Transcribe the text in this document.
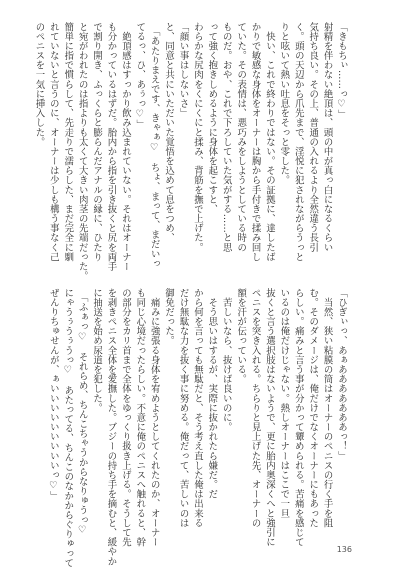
「きもちぃ……っ♡」
射精を伴わない絶頂は、頭の中が真っ白になるくらい
気持ち良い。その上、普通の入れるより全然違う長引
く。頭の天辺から爪先まで、淫悦に犯されながらうっと
りと呟いて熱い吐息をそっと零した。
　快い、これで終わりではない。その証拠に、達したば
かりで敏感な身体をオーナーは胸から手付きで揉み回し
ていた。その表情は、悪巧みをしようとしている時の
ものだ。おや、これで下ろしていた気がする……と思
って強く抱きしめるように身体を起こすと、
わらかな尻肉をくにくにと揉み、背筋を撫で上げた。
「顔い事はしないさ」
と、同意と共にいただいた覚悟を込めて息をつめ、
　「あたりまえです、きゃぁ♡　ちょ、まって、まだいっ
てるっ、ひ、あぅっ♡」
　絶頂感はすっかり飲み込まれていない。それはオーナー
も分かっているはずだ。胎内から指を引き抜くと尻を両手
で割り開き、ふっくらと膨らんだアナルの縁に、ひたり
と宛がわれたのは指よりも太くて大きい肉茎の先端だった。
簡単に指で慣らして、先走りで濡らした、まだ完全に馴
れていないと言うのに、オーナーは少しも構う事なく己
のペニスを一気に挿入した。
「ひぎぃっ、あぁあああああああっ！」
　当然、狭い粘膜の筒はオーナーのペニスの行く手を阻
む。そのダメージは、俺だけでなくオーナーにもあった
らしい。痛みと言う事が分かって顰められる。苦痛を感じて
いるのは俺だけじゃない。熱しオーナーはここで一旦
抜くと言う選択肢はないようで、更に胎内奥深くへと強引に
ペニスを突き入れる。ちらりと見上げた先、オーナーの
額を汗が伝っている。
　苦しいなら、抜けば良いのに。
　そう思いはするが、実際に抜かれたら嫌だ。だ
から何を言っても無駄だと、そう考え直した俺は出来る
だけ無駄な力を抜く事に努める。俺だって、苦しいのは
御免だった。
　痛みに強張る身体を宥めようとしてくれたのか、オーナー
も同じ心境だったらしい。不意に俺のペニスへ触れると、幹
の部分をカリ首まで全体をゆっくり扱き上げる。そうして先
を剥きペニス全体を愛撫した。ブジーの持ち手を摘むと、緩やか
に抽送を始め尿道を犯した。
　「ふぁっ♡　それらめ、ちんこちゃうからなりゅうっ♡
にゃうぅうぅうっ♡　あたってる、ちんこのなかからぐりゅって
ぜんりちゅせんが、ぁいいいいいいいいいっ♡」
136
